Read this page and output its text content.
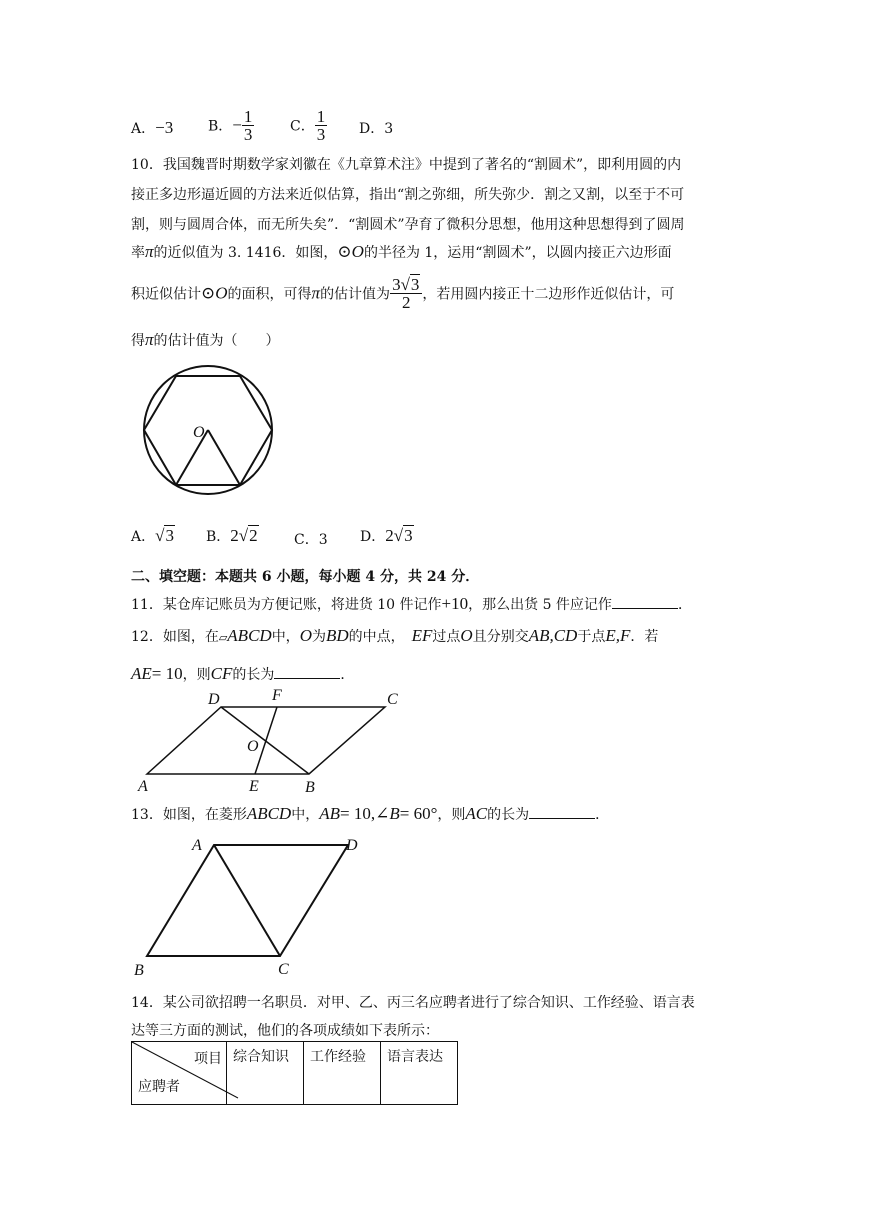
A．−3 B．− $\frac{1}{3}$	C． $\frac{1}{3}$ D．3
10．我国魏晋时期数学家刘徽在《九章算术注》中提到了著名的“割圆术”，即利用圆的内
接正多边形逼近圆的方法来近似估算，指出“割之弥细，所失弥少．割之又割，以至于不可
割，则与圆周合体，而无所失矣”．“割圆术”孕育了微积分思想，他用这种思想得到了圆周
率π的近似值为 3. 1416．如图，⊙O的半径为 1，运用“割圆术”，以圆内接正六边形面
积近似估计⊙O的面积，可得π的估计值为 $\frac{3√3}{2}$ ，若用圆内接正十二边形作近似估计，可
得π的估计值为（　　）
O
A．√3 B．2√2	C．3 D．2√3
二、填空题：本题共 6 小题，每小题 4 分，共 24 分．
11．某仓库记账员为方便记账，将进货 10 件记作+10，那么出货 5 件应记作	．
12．如图，在▱ABCD中，O为BD的中点，  EF过点O且分别交AB,CD于点E,F．若
AE= 10，则CF的长为	．
A	B
C
D
E
F
O
13．如图，在菱形ABCD中，AB= 10,∠B= 60°，则AC的长为	．
A
B	C
D
14．某公司欲招聘一名职员．对甲、乙、丙三名应聘者进行了综合知识、工作经验、语言表
达等三方面的测试，他们的各项成绩如下表所示：
项目
应聘者
	综合知识	工作经验	语言表达
